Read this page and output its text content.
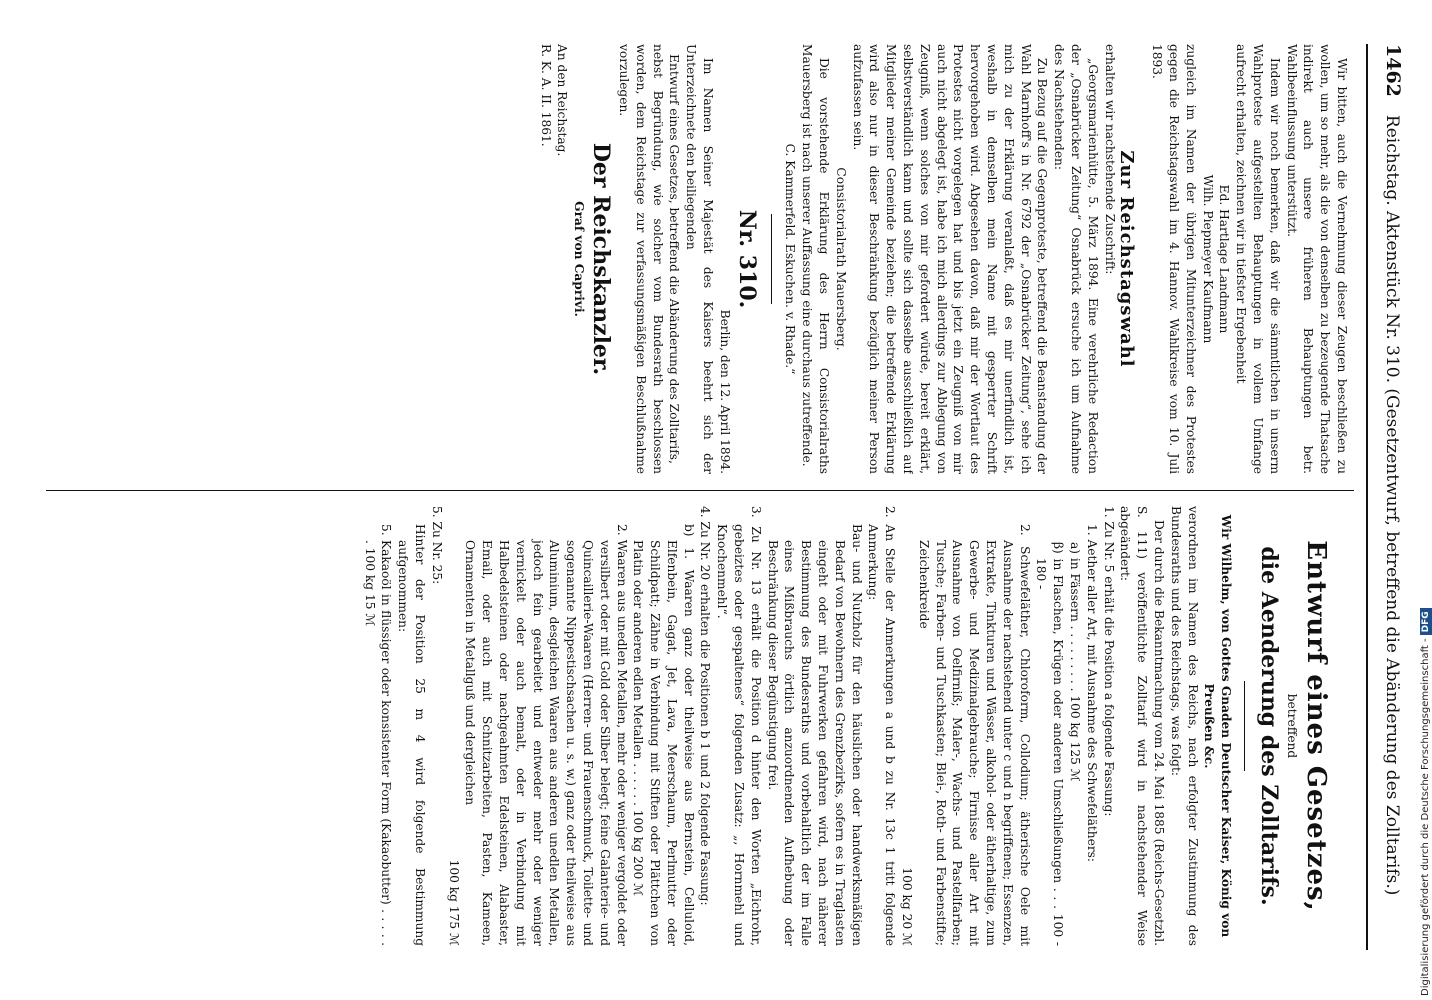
1462
Reichstag. Aktenstück Nr. 310. (Gesetzentwurf, betreffend die Abänderung des Zolltarifs.)

Wir bitten, auch die Vernehmung dieser Zeugen beschließen zu wollen, um so mehr, als die von denselben zu bezeugende Thatsache indirekt auch unsere früheren Behauptungen betr. Wahlbeeinflussung unterstützt.

Indem wir noch bemerken, daß wir die sämmtlichen in unserm Wahlproteste aufgestellten Behauptungen in vollem Umfange aufrecht erhalten, zeichnen wir in tiefster Ergebenheit

Ed. Hartlage Landmann

Wilh. Piepmeyer Kaufmann

zugleich im Namen der übrigen Mitunterzeichner des Protestes gegen die Reichstagswahl im 4. Hannov. Wahlkreise vom 10. Juli 1893.

Zur Reichstagswahl

erhalten wir nachstehende Zuschrift:

„Georgsmarienhütte, 5. März 1894. Eine verehrliche Redaction der „Osnabrücker Zeitung“ Osnabrück ersuche ich um Aufnahme des Nachstehenden:

Zu Bezug auf die Gegenproteste, betreffend die Beanstandung der Wahl Marnhoff's in Nr. 6792 der „Osnabrücker Zeitung“, sehe ich mich zu der Erklärung veranlaßt, daß es mir unerfindlich ist, weshalb in demselben mein Name mit gesperrter Schrift hervorgehoben wird. Abgesehen davon, daß mir der Wortlaut des Protestes nicht vorgelegen hat und bis jetzt ein Zeugniß von mir auch nicht abgelegt ist, habe ich mich allerdings zur Ablegung von Zeugniß, wenn solches von mir gefordert würde, bereit erklärt, selbstverständlich kann und sollte sich dasselbe ausschließlich auf Mitglieder meiner Gemeinde beziehen; die betreffende Erklärung wird also nur in dieser Beschränkung bezüglich meiner Person aufzufassen sein.

Consistorialrath Mauersberg.

Die vorstehende Erklärung des Herrn Consistorialraths Mauersberg ist nach unserer Auffassung eine durchaus zutreffende.

C. Kammerfeld. Eskuchen. v. Rhade.“

Nr. 310.

Berlin, den 12. April 1894.

Im Namen Seiner Majestät des Kaisers beehrt sich der Unterzeichnete den beiliegenden

Entwurf eines Gesetzes, betreffend die Abänderung des Zolltarifs,

nebst Begründung, wie solcher vom Bundesrath beschlossen worden, dem Reichstage zur verfassungsmäßigen Beschlußnahme vorzulegen.

Der Reichskanzler.

Graf von Caprivi.

An den Reichstag.

R. K. A. II. 1861.

Entwurf eines Gesetzes,

betreffend

die Aenderung des Zolltarifs.

Wir Wilhelm, von Gottes Gnaden Deutscher Kaiser, König von Preußen &c.

verordnen im Namen des Reichs, nach erfolgter Zustimmung des Bundesraths und des Reichstags, was folgt:

Der durch die Bekanntmachung vom 24. Mai 1885 (Reichs-Gesetzbl. S. 111) veröffentlichte Zolltarif wird in nachstehender Weise abgeändert:

1. Zu Nr. 5 erhält die Position a folgende Fassung:

1. Aether aller Art, mit Ausnahme des Schwefeläthers:

a) in Fässern . . . . . . . . . 100 kg 125 ℳ

β) in Flaschen, Krügen oder anderen Umschließungen . . . 100 - 180 -

2. Schwefeläther, Chloroform, Collodium; ätherische Oele mit Ausnahme der nachstehend unter c und n begriffenen; Essenzen, Extrakte, Tinkturen und Wässer, alkohol- oder ätherhaltige, zum Gewerbe- und Medizinalgebrauche; Firnisse aller Art mit Ausnahme von Oelfirniß; Maler-, Wachs- und Pastellfarben; Tusche; Farben- und Tuschkasten; Blei-, Roth- und Farbenstifte; Zeichenkreide

100 kg 20 ℳ

2. An Stelle der Anmerkungen a und b zu Nr. 13c 1 tritt folgende Anmerkung:

Bau- und Nutzholz für den häuslichen oder handwerksmäßigen Bedarf von Bewohnern des Grenzbezirks, sofern es in Traglasten eingeht oder mit Fuhrwerken gefahren wird, nach näherer Bestimmung des Bundesraths und vorbehaltlich der im Falle eines Mißbrauchs örtlich anzuordnenden Aufhebung oder Beschränkung dieser Begünstigung frei.

3. Zu Nr. 13 erhält die Position d hinter den Worten „Eichrohr, gebeiztes oder gespaltenes“ folgenden Zusatz: „, Hornmehl und Knochenmehl“.

4. Zu Nr. 20 erhalten die Positionen b 1 und 2 folgende Fassung:

b) 1. Waaren ganz oder theilweise aus Bernstein, Celluloid, Elfenbein, Gagat, Jet, Lava, Meerschaum, Perlmutter oder Schildpatt; Zähne in Verbindung mit Stiften oder Plättchen von Platin oder anderen edlen Metallen . . . . . . 100 kg 200 ℳ

2. Waaren aus unedlen Metallen, mehr oder weniger vergoldet oder versilbert oder mit Gold oder Silber belegt; feine Galanterie- und Quincaillerie-Waaren (Herren- und Frauenschmuck, Toilette- und sogenannte Nippestischsachen u. s. w.) ganz oder theilweise aus Aluminium, desgleichen Waaren aus anderen unedlen Metallen, jedoch fein gearbeitet und entweder mehr oder weniger vernickelt oder auch bemalt, oder in Verbindung mit Halbedelsteinen oder nachgeahmten Edelsteinen, Alabaster, Email, oder auch mit Schnitzarbeiten, Pasten, Kameen, Ornamenten in Metallguß und dergleichen

100 kg 175 ℳ

5. Zu Nr. 25:

Hinter der Position 25 m 4 wird folgende Bestimmung aufgenommen:

5. Kakaoöl in flüssiger oder konsistenter Form (Kakaobutter) . . . . . . 100 kg 15 ℳ

Digitalisierung gefördert durch die Deutsche Forschungsgemeinschaft -DFG
